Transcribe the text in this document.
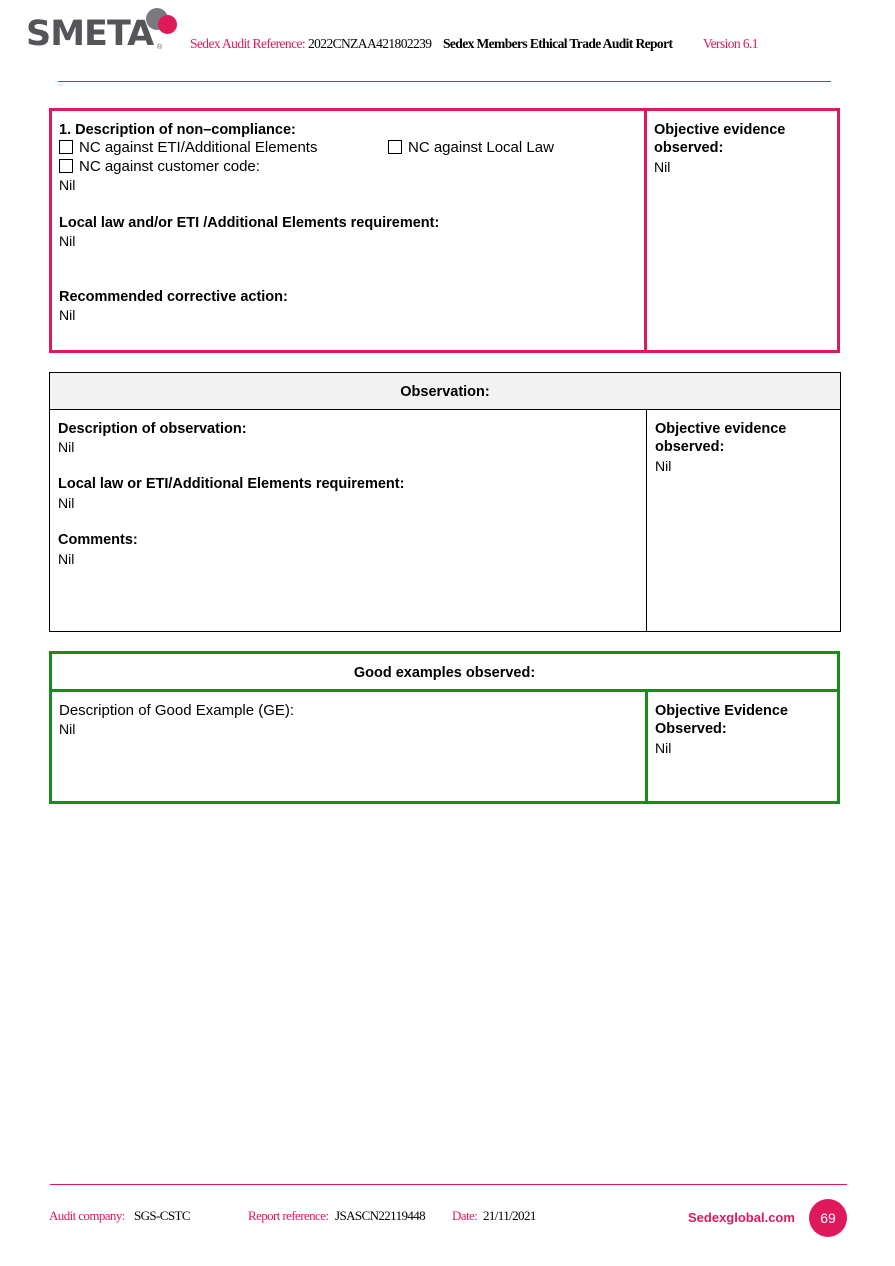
SMETA ® Sedex Audit Reference: 2022CNZAA421802239 Sedex Members Ethical Trade Audit Report Version 6.1
1. Description of non–compliance:
NC against ETI/Additional Elements	NC against Local Law
NC against customer code:
Nil
Local law and/or ETI /Additional Elements requirement:
Nil
Recommended corrective action:
Nil
Objective evidence
observed:
Nil
Observation:
Description of observation:
Nil
Local law or ETI/Additional Elements requirement:
Nil
Comments:
Nil
Objective evidence
observed:
Nil
Good examples observed:
Description of Good Example (GE):
Nil
Objective Evidence
Observed:
Nil
Audit company: SGS-CSTC	Report reference: JSASCN22119448 Date: 21/11/2021	Sedexglobal.com	69
